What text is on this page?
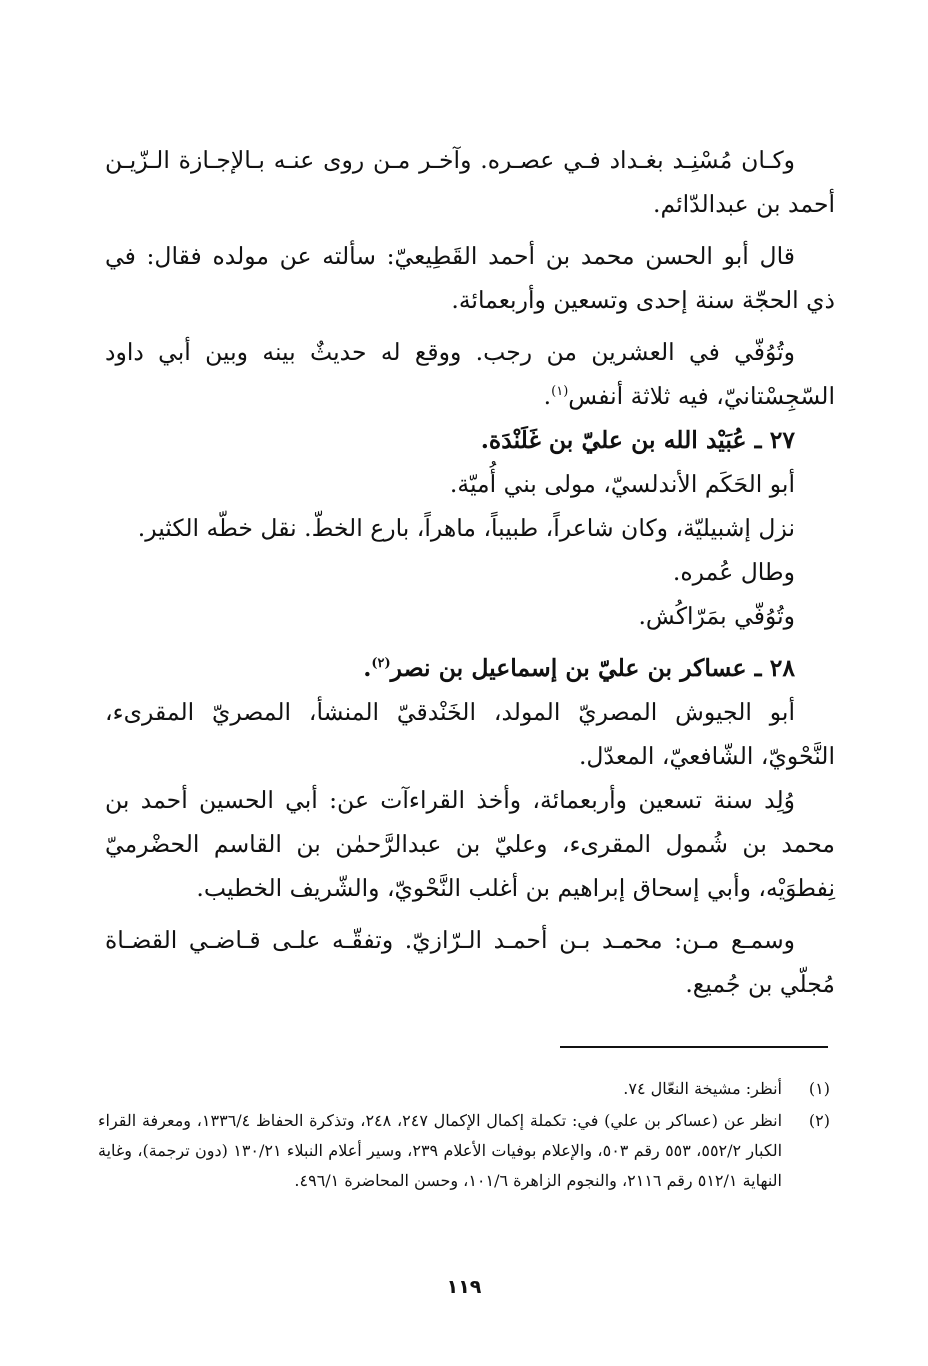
وكـان مُسْنِـد بغـداد فـي عصـره. وآخـر مـن روى عنـه بـالإجـازة الـزّيـن أحمد بن عبدالدّائم.

قال أبو الحسن محمد بن أحمد القَطِيعيّ: سألته عن مولده فقال: في ذي الحجّة سنة إحدى وتسعين وأربعمائة.

وتُوُفّي في العشرين من رجب. ووقع له حديثٌ بينه وبين أبي داود السّجِسْتانيّ، فيه ثلاثة أنفس$^{(١)}$.

٢٧ ـ عُبَيْد الله بن عليّ بن غَلَنْدَة.

أبو الحَكَم الأندلسيّ، مولى بني أُميّة.

نزل إشبيليّة، وكان شاعراً، طبيباً، ماهراً، بارع الخطّ. نقل خطّه الكثير.

وطال عُمره.

وتُوُفّي بمَرّاكُش.

٢٨ ـ عساكر بن عليّ بن إسماعيل بن نصر$^{(٢)}$.

أبو الجيوش المصريّ المولد، الخَنْدقيّ المنشأ، المصريّ المقرىء، النَّحْويّ، الشّافعيّ، المعدّل.

وُلِد سنة تسعين وأربعمائة، وأخذ القراءآت عن: أبي الحسين أحمد بن محمد بن شُمول المقرىء، وعليّ بن عبدالرَّحمٰن بن القاسم الحضْرميّ نِفطوَيْه، وأبي إسحاق إبراهيم بن أغلب النَّحْويّ، والشّريف الخطيب.

وسمـع مـن: محمـد بـن أحمـد الـرّازيّ. وتفقّـه علـى قـاضـي القضـاة مُجلّي بن جُميع.

(١)
أنظر: مشيخة النعّال ٧٤.
(٢)
انظر عن (عساكر بن علي) في: تكملة إكمال الإكمال ٢٤٧، ٢٤٨، وتذكرة الحفاظ ١٣٣٦/٤، ومعرفة القراء الكبار ٥٥٢/٢، ٥٥٣ رقم ٥٠٣، والإعلام بوفيات الأعلام ٢٣٩، وسير أعلام النبلاء ١٣٠/٢١ (دون ترجمة)، وغاية النهاية ٥١٢/١ رقم ٢١١٦، والنجوم الزاهرة ١٠١/٦، وحسن المحاضرة ٤٩٦/١.
١١٩
